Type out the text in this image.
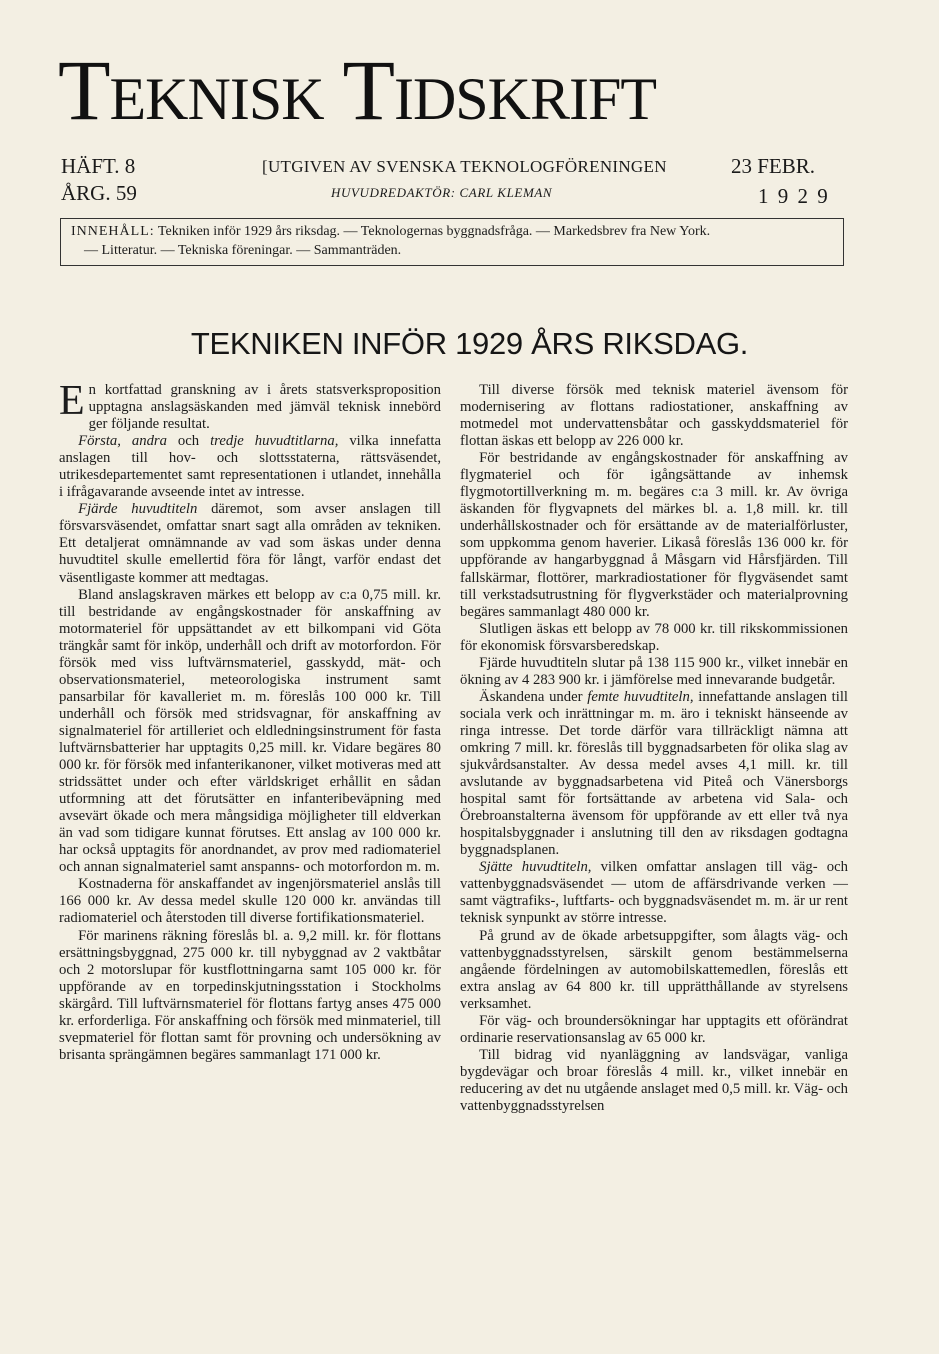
Teknisk Tidskrift
HÄFT. 8
ÅRG. 59
[UTGIVEN AV SVENSKA TEKNOLOGFÖRENINGEN
HUVUDREDAKTÖR: CARL KLEMAN
23 FEBR.
1 9 2 9
INNEHÅLL: Tekniken inför 1929 års riksdag. — Teknologernas byggnadsfråga. — Markedsbrev fra New York.
— Litteratur. — Tekniska föreningar. — Sammanträden.
TEKNIKEN INFÖR 1929 ÅRS RIKSDAG.

En kortfattad granskning av i årets statsverksproposition upptagna anslagsäskanden med jämväl teknisk innebörd ger följande resultat.

Första, andra och tredje huvudtitlarna, vilka innefatta anslagen till hov- och slottsstaterna, rättsväsendet, utrikesdepartementet samt representationen i utlandet, innehålla i ifrågavarande avseende intet av intresse.

Fjärde huvudtiteln däremot, som avser anslagen till försvarsväsendet, omfattar snart sagt alla områden av tekniken. Ett detaljerat omnämnande av vad som äskas under denna huvudtitel skulle emellertid föra för långt, varför endast det väsentligaste kommer att medtagas.

Bland anslagskraven märkes ett belopp av c:a 0,75 mill. kr. till bestridande av engångskostnader för anskaffning av motormateriel för uppsättandet av ett bilkompani vid Göta trängkår samt för inköp, underhåll och drift av motorfordon. För försök med viss luftvärnsmateriel, gasskydd, mät- och observationsmateriel, meteorologiska instrument samt pansarbilar för kavalleriet m. m. föreslås 100 000 kr. Till underhåll och försök med stridsvagnar, för anskaffning av signalmateriel för artilleriet och eldledningsinstrument för fasta luftvärnsbatterier har upptagits 0,25 mill. kr. Vidare begäres 80 000 kr. för försök med infanterikanoner, vilket motiveras med att stridssättet under och efter världskriget erhållit en sådan utformning att det förutsätter en infanteribeväpning med avsevärt ökade och mera mångsidiga möjligheter till eldverkan än vad som tidigare kunnat förutses. Ett anslag av 100 000 kr. har också upptagits för anordnandet, av prov med radiomateriel och annan signalmateriel samt anspanns- och motorfordon m. m.

Kostnaderna för anskaffandet av ingenjörsmateriel anslås till 166 000 kr. Av dessa medel skulle 120 000 kr. användas till radiomateriel och återstoden till diverse fortifikationsmateriel.

För marinens räkning föreslås bl. a. 9,2 mill. kr. för flottans ersättningsbyggnad, 275 000 kr. till nybyggnad av 2 vaktbåtar och 2 motorslupar för kustflottningarna samt 105 000 kr. för uppförande av en torpedinskjutningsstation i Stockholms skärgård. Till luftvärnsmateriel för flottans fartyg anses 475 000 kr. erforderliga. För anskaffning och försök med minmateriel, till svepmateriel för flottan samt för provning och undersökning av brisanta sprängämnen begäres sammanlagt 171 000 kr.

Till diverse försök med teknisk materiel ävensom för modernisering av flottans radiostationer, anskaffning av motmedel mot undervattensbåtar och gasskyddsmateriel för flottan äskas ett belopp av 226 000 kr.

För bestridande av engångskostnader för anskaffning av flygmateriel och för igångsättande av inhemsk flygmotortillverkning m. m. begäres c:a 3 mill. kr. Av övriga äskanden för flygvapnets del märkes bl. a. 1,8 mill. kr. till underhållskostnader och för ersättande av de materialförluster, som uppkomma genom haverier. Likaså föreslås 136 000 kr. för uppförande av hangarbyggnad å Måsgarn vid Hårsfjärden. Till fallskärmar, flottörer, markradiostationer för flygväsendet samt till verkstadsutrustning för flygverkstäder och materialprovning begäres sammanlagt 480 000 kr.

Slutligen äskas ett belopp av 78 000 kr. till rikskommissionen för ekonomisk försvarsberedskap.

Fjärde huvudtiteln slutar på 138 115 900 kr., vilket innebär en ökning av 4 283 900 kr. i jämförelse med innevarande budgetår.

Äskandena under femte huvudtiteln, innefattande anslagen till sociala verk och inrättningar m. m. äro i tekniskt hänseende av ringa intresse. Det torde därför vara tillräckligt nämna att omkring 7 mill. kr. föreslås till byggnadsarbeten för olika slag av sjukvårdsanstalter. Av dessa medel avses 4,1 mill. kr. till avslutande av byggnadsarbetena vid Piteå och Vänersborgs hospital samt för fortsättande av arbetena vid Sala- och Örebroanstalterna ävensom för uppförande av ett eller två nya hospitalsbyggnader i anslutning till den av riksdagen godtagna byggnadsplanen.

Sjätte huvudtiteln, vilken omfattar anslagen till väg- och vattenbyggnadsväsendet — utom de affärsdrivande verken — samt vägtrafiks-, luftfarts- och byggnadsväsendet m. m. är ur rent teknisk synpunkt av större intresse.

På grund av de ökade arbetsuppgifter, som ålagts väg- och vattenbyggnadsstyrelsen, särskilt genom bestämmelserna angående fördelningen av automobilskattemedlen, föreslås ett extra anslag av 64 800 kr. till upprätthållande av styrelsens verksamhet.

För väg- och broundersökningar har upptagits ett oförändrat ordinarie reservationsanslag av 65 000 kr.

Till bidrag vid nyanläggning av landsvägar, vanliga bygdevägar och broar föreslås 4 mill. kr., vilket innebär en reducering av det nu utgående anslaget med 0,5 mill. kr. Väg- och vattenbyggnadsstyrelsen
